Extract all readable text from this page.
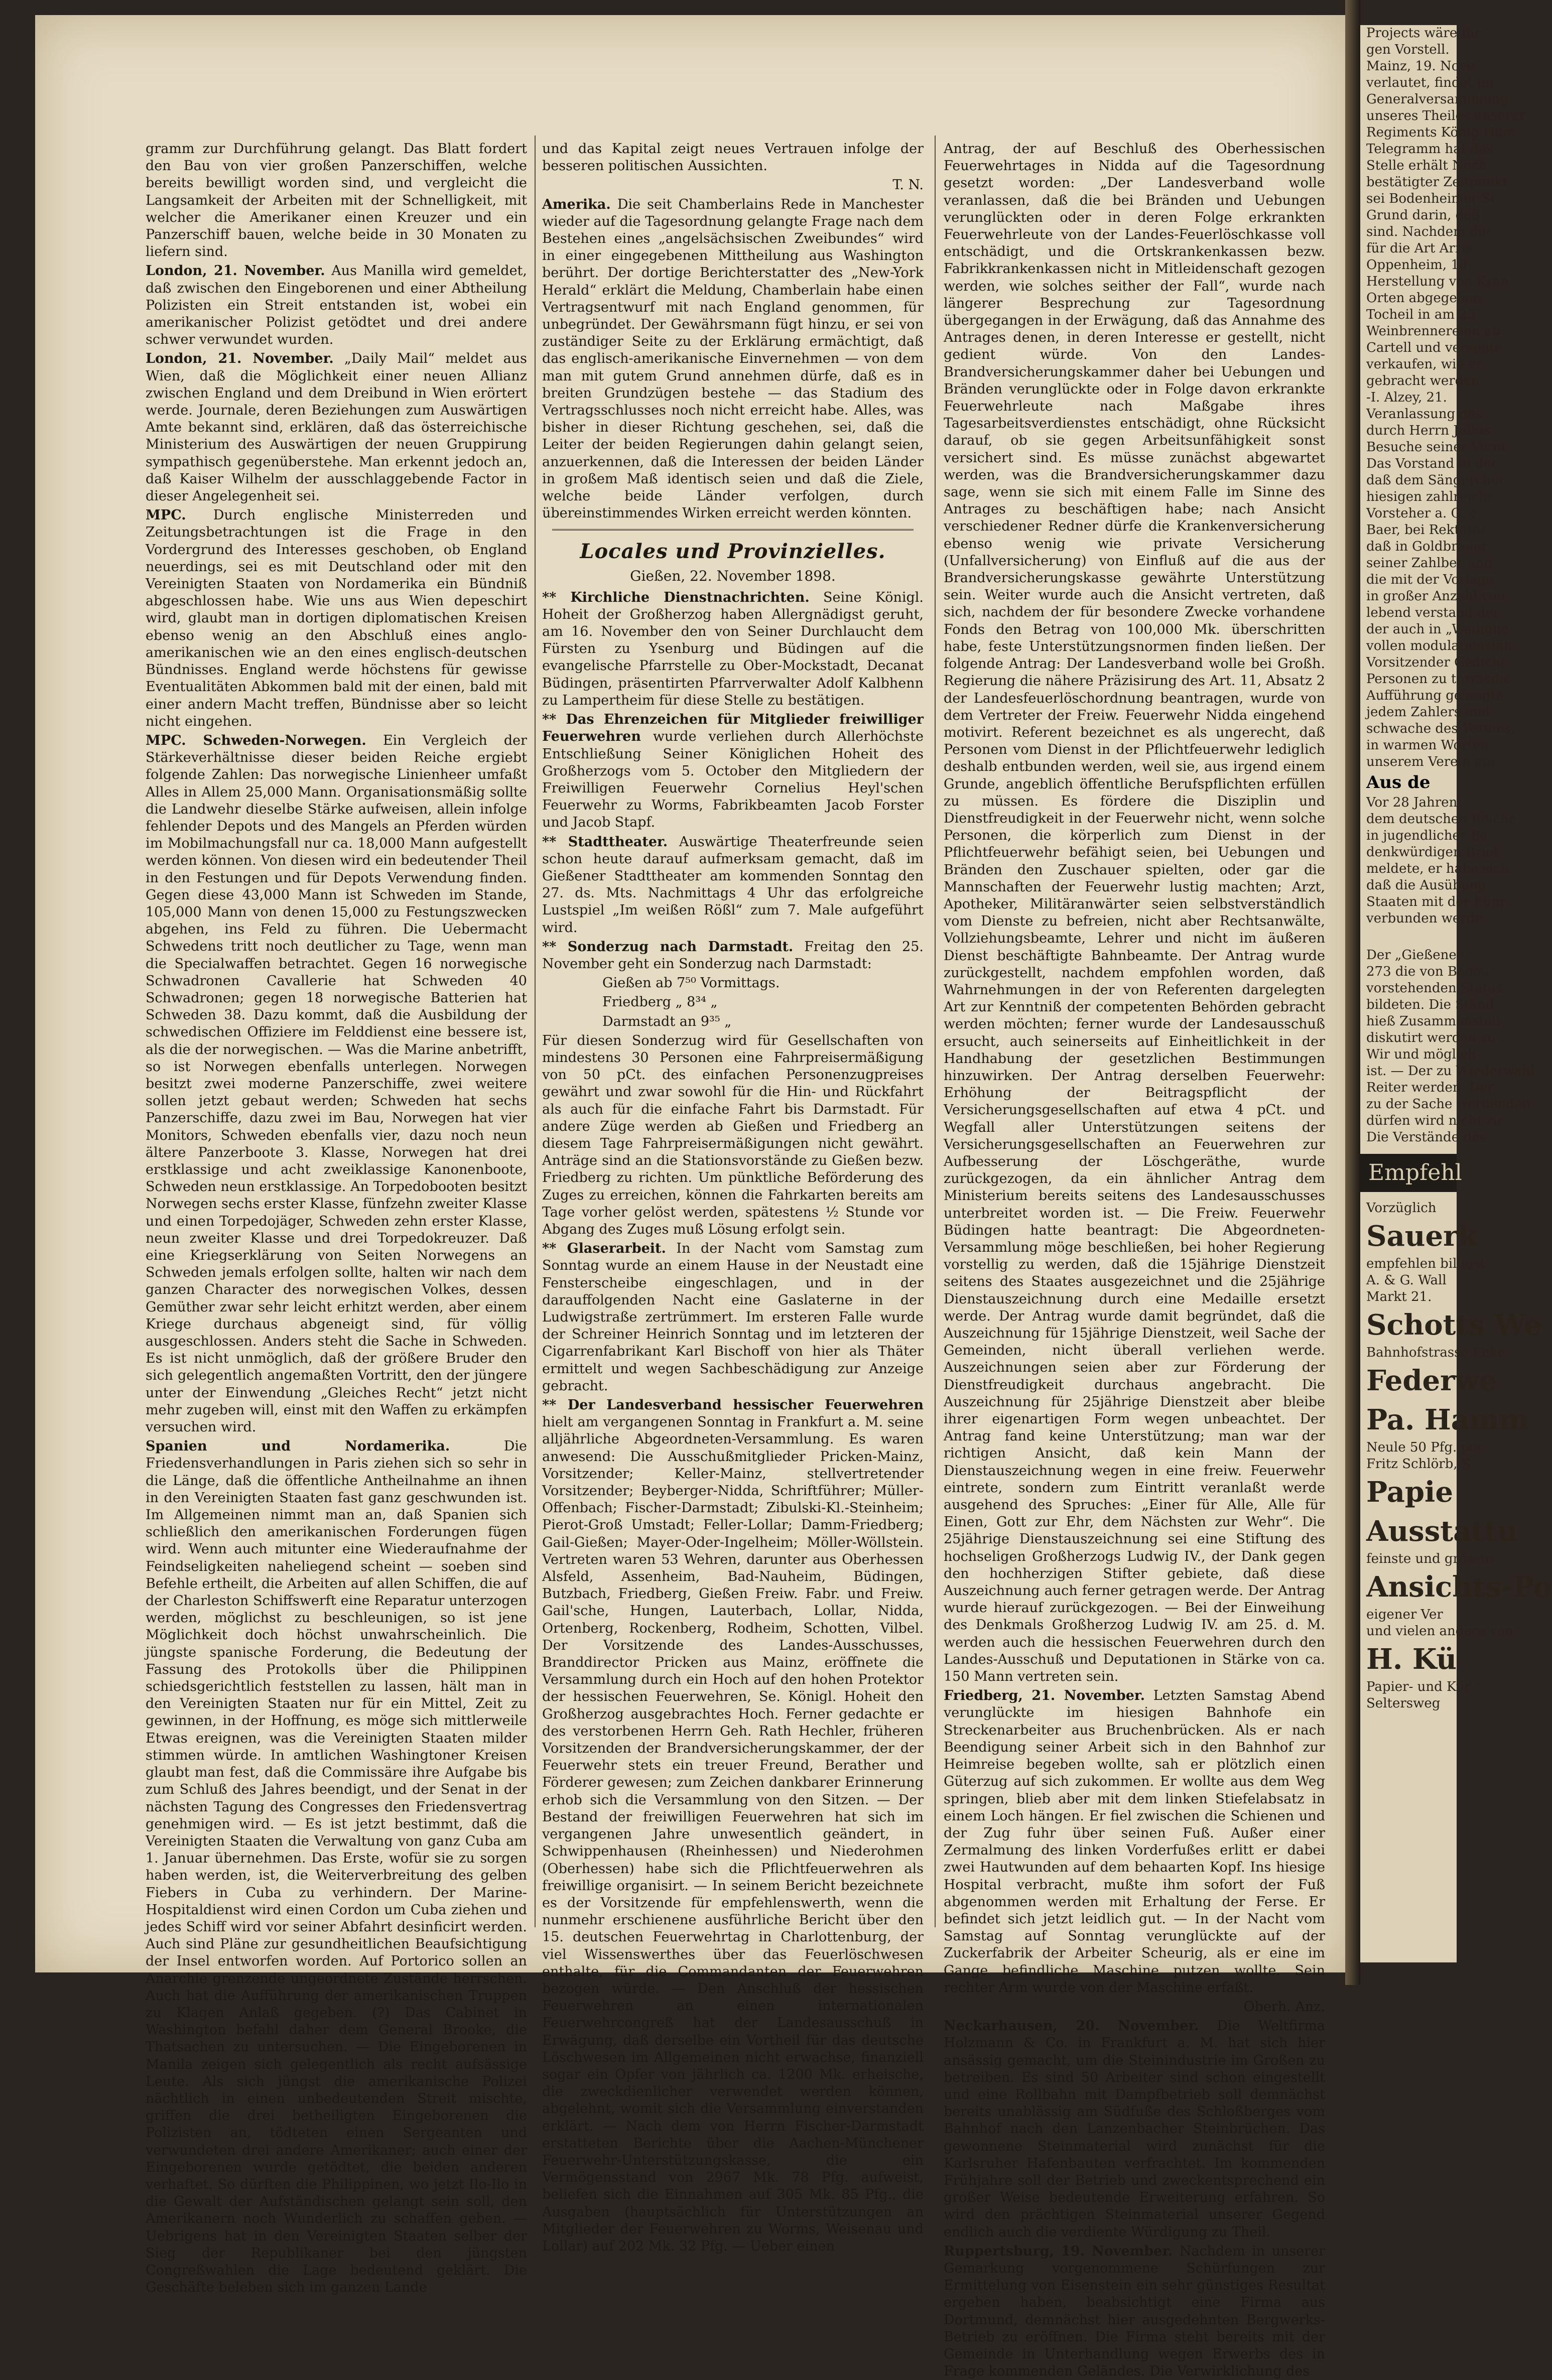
gramm zur Durchführung gelangt. Das Blatt fordert den Bau von vier großen Panzerschiffen, welche bereits bewilligt worden sind, und vergleicht die Langsamkeit der Arbeiten mit der Schnelligkeit, mit welcher die Amerikaner einen Kreuzer und ein Panzerschiff bauen, welche beide in 30 Monaten zu liefern sind.

London, 21. November. Aus Manilla wird gemeldet, daß zwischen den Eingeborenen und einer Abtheilung Polizisten ein Streit entstanden ist, wobei ein amerikanischer Polizist getödtet und drei andere schwer verwundet wurden.

London, 21. November. „Daily Mail“ meldet aus Wien, daß die Möglichkeit einer neuen Allianz zwischen England und dem Dreibund in Wien erörtert werde. Journale, deren Beziehungen zum Auswärtigen Amte bekannt sind, erklären, daß das österreichische Ministerium des Auswärtigen der neuen Gruppirung sympathisch gegenüberstehe. Man erkennt jedoch an, daß Kaiser Wilhelm der ausschlaggebende Factor in dieser Angelegenheit sei.

MPC. Durch englische Ministerreden und Zeitungsbetrachtungen ist die Frage in den Vordergrund des Interesses geschoben, ob England neuerdings, sei es mit Deutschland oder mit den Vereinigten Staaten von Nordamerika ein Bündniß abgeschlossen habe. Wie uns aus Wien depeschirt wird, glaubt man in dortigen diplomatischen Kreisen ebenso wenig an den Abschluß eines anglo-amerikanischen wie an den eines englisch-deutschen Bündnisses. England werde höchstens für gewisse Eventualitäten Abkommen bald mit der einen, bald mit einer andern Macht treffen, Bündnisse aber so leicht nicht eingehen.

MPC. Schweden-Norwegen. Ein Vergleich der Stärkeverhältnisse dieser beiden Reiche ergiebt folgende Zahlen: Das norwegische Linienheer umfaßt Alles in Allem 25,000 Mann. Organisationsmäßig sollte die Landwehr dieselbe Stärke aufweisen, allein infolge fehlender Depots und des Mangels an Pferden würden im Mobilmachungsfall nur ca. 18,000 Mann aufgestellt werden können. Von diesen wird ein bedeutender Theil in den Festungen und für Depots Verwendung finden. Gegen diese 43,000 Mann ist Schweden im Stande, 105,000 Mann von denen 15,000 zu Festungszwecken abgehen, ins Feld zu führen. Die Uebermacht Schwedens tritt noch deutlicher zu Tage, wenn man die Specialwaffen betrachtet. Gegen 16 norwegische Schwadronen Cavallerie hat Schweden 40 Schwadronen; gegen 18 norwegische Batterien hat Schweden 38. Dazu kommt, daß die Ausbildung der schwedischen Offiziere im Felddienst eine bessere ist, als die der norwegischen. — Was die Marine anbetrifft, so ist Norwegen ebenfalls unterlegen. Norwegen besitzt zwei moderne Panzerschiffe, zwei weitere sollen jetzt gebaut werden; Schweden hat sechs Panzerschiffe, dazu zwei im Bau, Norwegen hat vier Monitors, Schweden ebenfalls vier, dazu noch neun ältere Panzerboote 3. Klasse, Norwegen hat drei erstklassige und acht zweiklassige Kanonenboote, Schweden neun erstklassige. An Torpedobooten besitzt Norwegen sechs erster Klasse, fünfzehn zweiter Klasse und einen Torpedojäger, Schweden zehn erster Klasse, neun zweiter Klasse und drei Torpedokreuzer. Daß eine Kriegserklärung von Seiten Norwegens an Schweden jemals erfolgen sollte, halten wir nach dem ganzen Character des norwegischen Volkes, dessen Gemüther zwar sehr leicht erhitzt werden, aber einem Kriege durchaus abgeneigt sind, für völlig ausgeschlossen. Anders steht die Sache in Schweden. Es ist nicht unmöglich, daß der größere Bruder den sich gelegentlich angemaßten Vortritt, den der jüngere unter der Einwendung „Gleiches Recht“ jetzt nicht mehr zugeben will, einst mit den Waffen zu erkämpfen versuchen wird.

Spanien und Nordamerika. Die Friedensverhandlungen in Paris ziehen sich so sehr in die Länge, daß die öffentliche Antheilnahme an ihnen in den Vereinigten Staaten fast ganz geschwunden ist. Im Allgemeinen nimmt man an, daß Spanien sich schließlich den amerikanischen Forderungen fügen wird. Wenn auch mitunter eine Wiederaufnahme der Feindseligkeiten naheliegend scheint — soeben sind Befehle ertheilt, die Arbeiten auf allen Schiffen, die auf der Charleston Schiffswerft eine Reparatur unterzogen werden, möglichst zu beschleunigen, so ist jene Möglichkeit doch höchst unwahrscheinlich. Die jüngste spanische Forderung, die Bedeutung der Fassung des Protokolls über die Philippinen schiedsgerichtlich feststellen zu lassen, hält man in den Vereinigten Staaten nur für ein Mittel, Zeit zu gewinnen, in der Hoffnung, es möge sich mittlerweile Etwas ereignen, was die Vereinigten Staaten milder stimmen würde. In amtlichen Washingtoner Kreisen glaubt man fest, daß die Commissäre ihre Aufgabe bis zum Schluß des Jahres beendigt, und der Senat in der nächsten Tagung des Congresses den Friedensvertrag genehmigen wird. — Es ist jetzt bestimmt, daß die Vereinigten Staaten die Verwaltung von ganz Cuba am 1. Januar übernehmen. Das Erste, wofür sie zu sorgen haben werden, ist, die Weiterverbreitung des gelben Fiebers in Cuba zu verhindern. Der Marine-Hospitaldienst wird einen Cordon um Cuba ziehen und jedes Schiff wird vor seiner Abfahrt desinficirt werden. Auch sind Pläne zur gesundheitlichen Beaufsichtigung der Insel entworfen worden. Auf Portorico sollen an Anarchie grenzende ungeordnete Zustände herrschen. Auch hat die Aufführung der amerikanischen Truppen zu Klagen Anlaß gegeben. (?) Das Cabinet in Washington befahl daher dem General Brooke, die Thatsachen zu untersuchen. — Die Eingeborenen in Manila zeigen sich gelegentlich als recht aufsässige Leute. Als sich jüngst die amerikanische Polizei nächtlich in einen unbedeutenden Streit mischte, griffen die drei betheiligten Eingeborenen die Polizisten an, tödteten einen Sergeanten und verwundeten drei andere Amerikaner; auch einer der Eingeborenen wurde getödtet, die beiden anderen verhaftet. So dürften die Philippinen, wo jetzt Ilo-Ilo in die Gewalt der Aufständischen gelangt sein soll, den Amerikanern noch Wunderlich zu schaffen geben. — Uebrigens hat in den Vereinigten Staaten selber der Sieg der Republikaner bei den jüngsten Congreßwahlen die Lage bedeutend geklärt. Die Geschäfte beleben sich im ganzen Lande

und das Kapital zeigt neues Vertrauen infolge der besseren politischen Aussichten.

T. N.

Amerika. Die seit Chamberlains Rede in Manchester wieder auf die Tagesordnung gelangte Frage nach dem Bestehen eines „angelsächsischen Zweibundes“ wird in einer eingegebenen Mittheilung aus Washington berührt. Der dortige Berichterstatter des „New-York Herald“ erklärt die Meldung, Chamberlain habe einen Vertragsentwurf mit nach England genommen, für unbegründet. Der Gewährsmann fügt hinzu, er sei von zuständiger Seite zu der Erklärung ermächtigt, daß das englisch-amerikanische Einvernehmen — von dem man mit gutem Grund annehmen dürfe, daß es in breiten Grundzügen bestehe — das Stadium des Vertragsschlusses noch nicht erreicht habe. Alles, was bisher in dieser Richtung geschehen, sei, daß die Leiter der beiden Regierungen dahin gelangt seien, anzuerkennen, daß die Interessen der beiden Länder in großem Maß identisch seien und daß die Ziele, welche beide Länder verfolgen, durch übereinstimmendes Wirken erreicht werden könnten.

Locales und Provinzielles.
Gießen, 22. November 1898.

** Kirchliche Dienstnachrichten. Seine Königl. Hoheit der Großherzog haben Allergnädigst geruht, am 16. November den von Seiner Durchlaucht dem Fürsten zu Ysenburg und Büdingen auf die evangelische Pfarrstelle zu Ober-Mockstadt, Decanat Büdingen, präsentirten Pfarrverwalter Adolf Kalbhenn zu Lampertheim für diese Stelle zu bestätigen.

** Das Ehrenzeichen für Mitglieder freiwilliger Feuerwehren wurde verliehen durch Allerhöchste Entschließung Seiner Königlichen Hoheit des Großherzogs vom 5. October den Mitgliedern der Freiwilligen Feuerwehr Cornelius Heyl'schen Feuerwehr zu Worms, Fabrikbeamten Jacob Forster und Jacob Stapf.

** Stadttheater. Auswärtige Theaterfreunde seien schon heute darauf aufmerksam gemacht, daß im Gießener Stadttheater am kommenden Sonntag den 27. ds. Mts. Nachmittags 4 Uhr das erfolgreiche Lustspiel „Im weißen Rößl“ zum 7. Male aufgeführt wird.

** Sonderzug nach Darmstadt. Freitag den 25. November geht ein Sonderzug nach Darmstadt:

Gießen ab 7⁵⁰ Vormittags.

Friedberg „ 8³⁴ „

Darmstadt an 9³⁵ „

Für diesen Sonderzug wird für Gesellschaften von mindestens 30 Personen eine Fahrpreisermäßigung von 50 pCt. des einfachen Personenzugpreises gewährt und zwar sowohl für die Hin- und Rückfahrt als auch für die einfache Fahrt bis Darmstadt. Für andere Züge werden ab Gießen und Friedberg an diesem Tage Fahrpreisermäßigungen nicht gewährt. Anträge sind an die Stationsvorstände zu Gießen bezw. Friedberg zu richten. Um pünktliche Beförderung des Zuges zu erreichen, können die Fahrkarten bereits am Tage vorher gelöst werden, spätestens ½ Stunde vor Abgang des Zuges muß Lösung erfolgt sein.

** Glaserarbeit. In der Nacht vom Samstag zum Sonntag wurde an einem Hause in der Neustadt eine Fensterscheibe eingeschlagen, und in der darauffolgenden Nacht eine Gaslaterne in der Ludwigstraße zertrümmert. Im ersteren Falle wurde der Schreiner Heinrich Sonntag und im letzteren der Cigarrenfabrikant Karl Bischoff von hier als Thäter ermittelt und wegen Sachbeschädigung zur Anzeige gebracht.

** Der Landesverband hessischer Feuerwehren hielt am vergangenen Sonntag in Frankfurt a. M. seine alljährliche Abgeordneten-Versammlung. Es waren anwesend: Die Ausschußmitglieder Pricken-Mainz, Vorsitzender; Keller-Mainz, stellvertretender Vorsitzender; Beyberger-Nidda, Schriftführer; Müller-Offenbach; Fischer-Darmstadt; Zibulski-Kl.-Steinheim; Pierot-Groß Umstadt; Feller-Lollar; Damm-Friedberg; Gail-Gießen; Mayer-Oder-Ingelheim; Möller-Wöllstein. Vertreten waren 53 Wehren, darunter aus Oberhessen Alsfeld, Assenheim, Bad-Nauheim, Büdingen, Butzbach, Friedberg, Gießen Freiw. Fabr. und Freiw. Gail'sche, Hungen, Lauterbach, Lollar, Nidda, Ortenberg, Rockenberg, Rodheim, Schotten, Vilbel. Der Vorsitzende des Landes-Ausschusses, Branddirector Pricken aus Mainz, eröffnete die Versammlung durch ein Hoch auf den hohen Protektor der hessischen Feuerwehren, Se. Königl. Hoheit den Großherzog ausgebrachtes Hoch. Ferner gedachte er des verstorbenen Herrn Geh. Rath Hechler, früheren Vorsitzenden der Brandversicherungskammer, der der Feuerwehr stets ein treuer Freund, Berather und Förderer gewesen; zum Zeichen dankbarer Erinnerung erhob sich die Versammlung von den Sitzen. — Der Bestand der freiwilligen Feuerwehren hat sich im vergangenen Jahre unwesentlich geändert, in Schwippenhausen (Rheinhessen) und Niederohmen (Oberhessen) habe sich die Pflichtfeuerwehren als freiwillige organisirt. — In seinem Bericht bezeichnete es der Vorsitzende für empfehlenswerth, wenn die nunmehr erschienene ausführliche Bericht über den 15. deutschen Feuerwehrtag in Charlottenburg, der viel Wissenswerthes über das Feuerlöschwesen enthalte, für die Commandanten der Feuerwehren bezogen würde. — Den Anschluß der hessischen Feuerwehren an einen internationalen Feuerwehrcongreß hat der Landesausschuß in Erwägung, daß derselbe ein Vortheil für das deutsche Löschwesen im Allgemeinen nicht erwachse, finanziell sogar ein Opfer von jährlich ca. 1200 Mk. erheische, die zweckdienlicher verwendet werden können, abgelehnt, womit sich die Versammlung einverstanden erklärt. — Nach dem von Herrn Fischer-Darmstadt erstatteten Berichte über die Aachen-Münchener Feuerwehr-Unterstützungskasse, die ein Vermögensstand von 2967 Mk. 78 Pfg. aufweist, beliefen sich die Einnahmen auf 305 Mk. 85 Pfg., die Ausgaben (hauptsächlich für Unterstützungen an Mitglieder der Feuerwehren zu Worms, Weisenau und Lollar) auf 202 Mk. 32 Pfg. — Ueber einen

Antrag, der auf Beschluß des Oberhessischen Feuerwehrtages in Nidda auf die Tagesordnung gesetzt worden: „Der Landesverband wolle veranlassen, daß die bei Bränden und Uebungen verunglückten oder in deren Folge erkrankten Feuerwehrleute von der Landes-Feuerlöschkasse voll entschädigt, und die Ortskrankenkassen bezw. Fabrikkrankenkassen nicht in Mitleidenschaft gezogen werden, wie solches seither der Fall“, wurde nach längerer Besprechung zur Tagesordnung übergegangen in der Erwägung, daß das Annahme des Antrages denen, in deren Interesse er gestellt, nicht gedient würde. Von den Landes-Brandversicherungskammer daher bei Uebungen und Bränden verunglückte oder in Folge davon erkrankte Feuerwehrleute nach Maßgabe ihres Tagesarbeitsverdienstes entschädigt, ohne Rücksicht darauf, ob sie gegen Arbeitsunfähigkeit sonst versichert sind. Es müsse zunächst abgewartet werden, was die Brandversicherungskammer dazu sage, wenn sie sich mit einem Falle im Sinne des Antrages zu beschäftigen habe; nach Ansicht verschiedener Redner dürfe die Krankenversicherung ebenso wenig wie private Versicherung (Unfallversicherung) von Einfluß auf die aus der Brandversicherungskasse gewährte Unterstützung sein. Weiter wurde auch die Ansicht vertreten, daß sich, nachdem der für besondere Zwecke vorhandene Fonds den Betrag von 100,000 Mk. überschritten habe, feste Unterstützungsnormen finden ließen. Der folgende Antrag: Der Landesverband wolle bei Großh. Regierung die nähere Präzisirung des Art. 11, Absatz 2 der Landesfeuerlöschordnung beantragen, wurde von dem Vertreter der Freiw. Feuerwehr Nidda eingehend motivirt. Referent bezeichnet es als ungerecht, daß Personen vom Dienst in der Pflichtfeuerwehr lediglich deshalb entbunden werden, weil sie, aus irgend einem Grunde, angeblich öffentliche Berufspflichten erfüllen zu müssen. Es fördere die Disziplin und Dienstfreudigkeit in der Feuerwehr nicht, wenn solche Personen, die körperlich zum Dienst in der Pflichtfeuerwehr befähigt seien, bei Uebungen und Bränden den Zuschauer spielten, oder gar die Mannschaften der Feuerwehr lustig machten; Arzt, Apotheker, Militäranwärter seien selbstverständlich vom Dienste zu befreien, nicht aber Rechtsanwälte, Vollziehungsbeamte, Lehrer und nicht im äußeren Dienst beschäftigte Bahnbeamte. Der Antrag wurde zurückgestellt, nachdem empfohlen worden, daß Wahrnehmungen in der von Referenten dargelegten Art zur Kenntniß der competenten Behörden gebracht werden möchten; ferner wurde der Landesausschuß ersucht, auch seinerseits auf Einheitlichkeit in der Handhabung der gesetzlichen Bestimmungen hinzuwirken. Der Antrag derselben Feuerwehr: Erhöhung der Beitragspflicht der Versicherungsgesellschaften auf etwa 4 pCt. und Wegfall aller Unterstützungen seitens der Versicherungsgesellschaften an Feuerwehren zur Aufbesserung der Löschgeräthe, wurde zurückgezogen, da ein ähnlicher Antrag dem Ministerium bereits seitens des Landesausschusses unterbreitet worden ist. — Die Freiw. Feuerwehr Büdingen hatte beantragt: Die Abgeordneten-Versammlung möge beschließen, bei hoher Regierung vorstellig zu werden, daß die 15jährige Dienstzeit seitens des Staates ausgezeichnet und die 25jährige Dienstauszeichnung durch eine Medaille ersetzt werde. Der Antrag wurde damit begründet, daß die Auszeichnung für 15jährige Dienstzeit, weil Sache der Gemeinden, nicht überall verliehen werde. Auszeichnungen seien aber zur Förderung der Dienstfreudigkeit durchaus angebracht. Die Auszeichnung für 25jährige Dienstzeit aber bleibe ihrer eigenartigen Form wegen unbeachtet. Der Antrag fand keine Unterstützung; man war der richtigen Ansicht, daß kein Mann der Dienstauszeichnung wegen in eine freiw. Feuerwehr eintrete, sondern zum Eintritt veranlaßt werde ausgehend des Spruches: „Einer für Alle, Alle für Einen, Gott zur Ehr, dem Nächsten zur Wehr“. Die 25jährige Dienstauszeichnung sei eine Stiftung des hochseligen Großherzogs Ludwig IV., der Dank gegen den hochherzigen Stifter gebiete, daß diese Auszeichnung auch ferner getragen werde. Der Antrag wurde hierauf zurückgezogen. — Bei der Einweihung des Denkmals Großherzog Ludwig IV. am 25. d. M. werden auch die hessischen Feuerwehren durch den Landes-Ausschuß und Deputationen in Stärke von ca. 150 Mann vertreten sein.

Friedberg, 21. November. Letzten Samstag Abend verunglückte im hiesigen Bahnhofe ein Streckenarbeiter aus Bruchenbrücken. Als er nach Beendigung seiner Arbeit sich in den Bahnhof zur Heimreise begeben wollte, sah er plötzlich einen Güterzug auf sich zukommen. Er wollte aus dem Weg springen, blieb aber mit dem linken Stiefelabsatz in einem Loch hängen. Er fiel zwischen die Schienen und der Zug fuhr über seinen Fuß. Außer einer Zermalmung des linken Vorderfußes erlitt er dabei zwei Hautwunden auf dem behaarten Kopf. Ins hiesige Hospital verbracht, mußte ihm sofort der Fuß abgenommen werden mit Erhaltung der Ferse. Er befindet sich jetzt leidlich gut. — In der Nacht vom Samstag auf Sonntag verunglückte auf der Zuckerfabrik der Arbeiter Scheurig, als er eine im Gange befindliche Maschine putzen wollte. Sein rechter Arm wurde von der Maschine erfaßt.

Oberh. Anz.

Neckarhausen, 20. November. Die Weltfirma Holzmann & Co. in Frankfurt a. M. hat sich hier ansässig gemacht, um die Steinindustrie im Großen zu betreiben. Es sind 50 Arbeiter sind schon eingestellt und eine Rollbahn mit Dampfbetrieb soll demnächst bereits unablässig am Südfuße des Schloßberges vom Bahnhof nach den Lanzenbacher Steinbrüchen. Das gewonnene Steinmaterial wird zunächst für die Karlsruher Hafenbauten verfrachtet. Im kommenden Frühjahre soll der Betrieb und zweckentsprechend ein großer Weise bedeutende Erweiterung erfahren. So wird den prächtigen Steinmaterial unserer Gegend endlich auch die verdiente Würdigung zu Theil.

Ruppertsburg, 19. November. Nachdem in unserer Gemarkung vorgenommene Schürfungen zur Ermittelung von Eisenstein ein sehr günstiges Resultat ergeben haben, beabsichtigt eine Firma aus Dortmund, demnächst hier ausgedehnten Bergwerks-Betrieb zu eröffnen. Die Firma steht bereits mit der Gemeinde in Unterhandlung wegen Erwerbs des in Frage kommenden Geländes. Die Verwirklichung des

Projects wäre für
gen Vorstell.
Mainz, 19. Nove
verlautet, findet im
Generalversammlung
unseres Theiles unserer
Regiments König Hum
Telegramm hat das
Stelle erhält Noch
bestätigter Zeitpunkt
sei Bodenheimer Si
Grund darin, daß
sind. Nachdem die
für die Art Arrik
Oppenheim, 18.
Herstellung von Kran
Orten abgegeben
Tocheil in am 25
Weinbrennereien ab
Cartell und verspäte
verkaufen, wie er
gebracht werden.
-I. Alzey, 21.
Veranlassung des
durch Herrn Julius
Besuche seiner Verei
Das Vorstand in der
daß dem Sängerchor
hiesigen zahlreiche
Vorsteher a. G. e
Baer, bei Rektator
daß in Goldbrauer
seiner Zahlber und
die mit der Vorlage
in großer Anzahl von
lebend verstand der
der auch in „Wallighe
vollen modulationsfäh
Vorsitzender Gedicht
Personen zu terrasdie
Aufführung gelangte
jedem Zahlers und
schwache des Vereins,
in warmen Worten
unserem Verein am
Aus de
Vor 28 Jahren
dem deutschen Reiche
in jugendlicher Be
denkwürdigen Brief
meldete, er habe sich
daß die Ausübung
Staaten mit der Führ
verbunden werde.
Der „Gießener
273 die von Bedeu
vorstehenden Status
bildeten. Die Ständ
hieß Zusammenstell
diskutirt werden zu
Wir und möglich
ist. — Der zu Wiederwahl
Reiter werden. Der
zu der Sache werdenden
dürfen wird nicht zu
Die Verstände des
Empfehl
Vorzüglich
Sauerk
empfehlen billigst
A. & G. Wall
Markt 21.
Schotts We
Bahnhofstrasse Ecke
Federwe
Pa. Hamm
Neule 50 Pfg. per
Fritz Schlörb, S
Papie
Ausstattu
feinste und grösste
Ansichts-Po
eigener Ver
und vielen andere von
H. Kü
Papier- und Kur
Seltersweg
